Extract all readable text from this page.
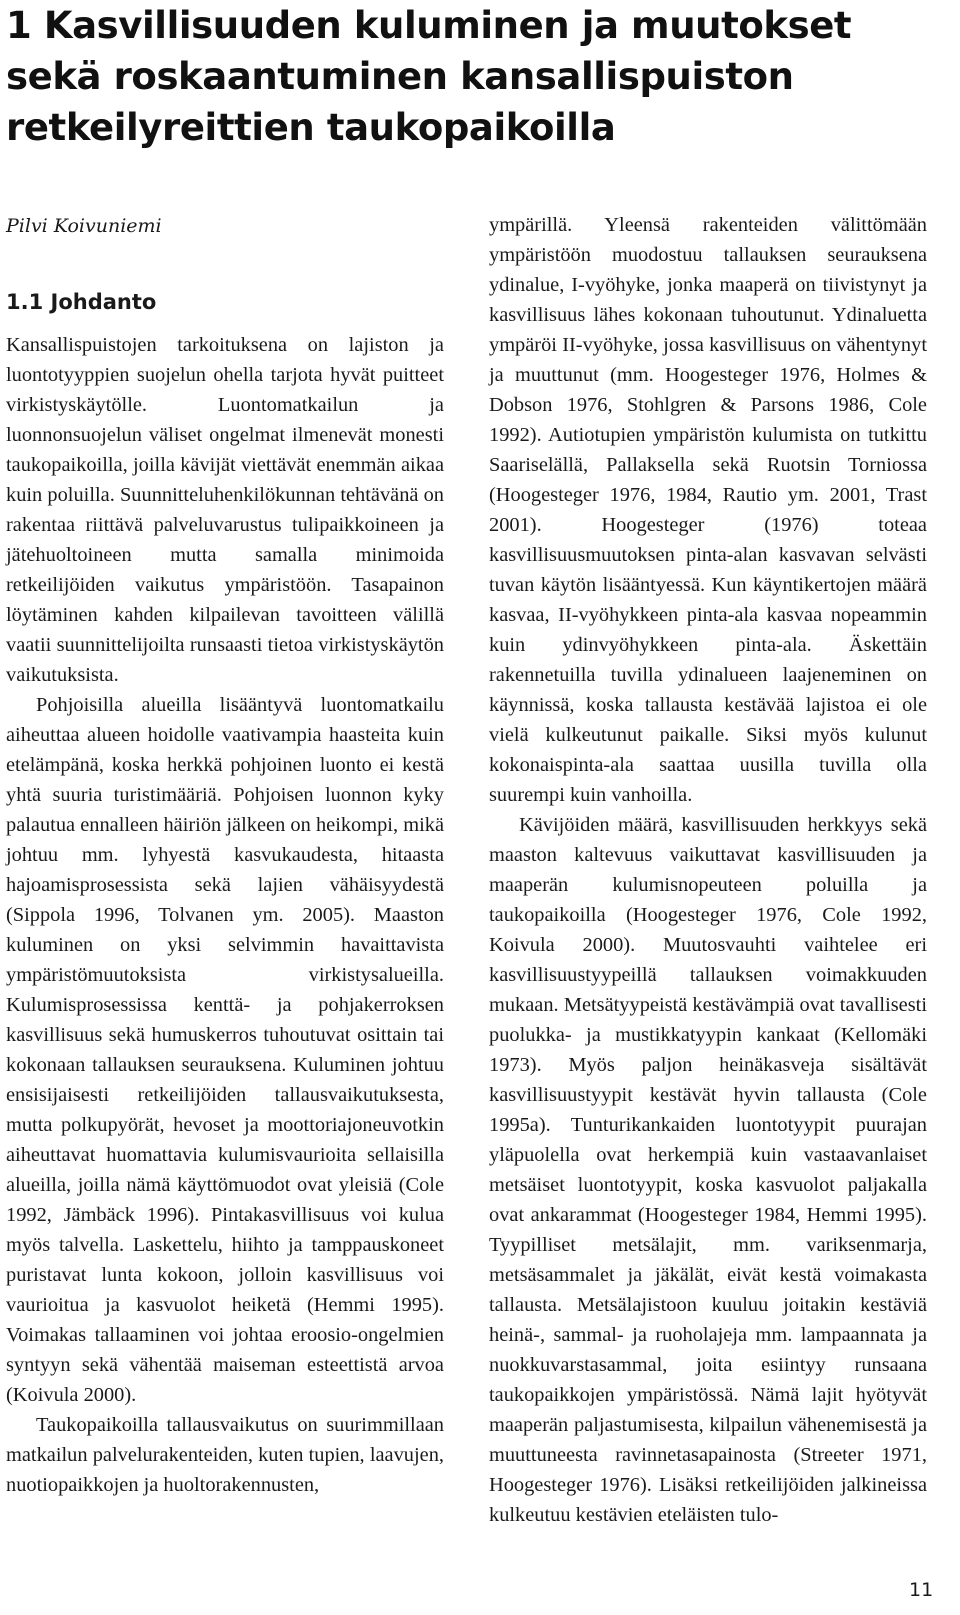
1 Kasvillisuuden kuluminen ja muutokset sekä roskaantuminen kansallispuiston retkeilyreittien taukopaikoilla

Pilvi Koivuniemi

1.1 Johdanto

Kansallispuistojen tarkoituksena on lajiston ja luontotyyppien suojelun ohella tarjota hyvät puitteet virkistyskäytölle. Luontomatkailun ja luonnonsuojelun väliset ongelmat ilmenevät monesti taukopaikoilla, joilla kävijät viettävät enemmän aikaa kuin poluilla. Suunnitteluhenkilökunnan tehtävänä on rakentaa riittävä palveluvarustus tulipaikkoineen ja jätehuoltoineen mutta samalla minimoida retkeilijöiden vaikutus ympäristöön. Tasapainon löytäminen kahden kilpailevan tavoitteen välillä vaatii suunnittelijoilta runsaasti tietoa virkistyskäytön vaikutuksista.

Pohjoisilla alueilla lisääntyvä luontomatkailu aiheuttaa alueen hoidolle vaativampia haasteita kuin etelämpänä, koska herkkä pohjoinen luonto ei kestä yhtä suuria turistimääriä. Pohjoisen luonnon kyky palautua ennalleen häiriön jälkeen on heikompi, mikä johtuu mm. lyhyestä kasvukaudesta, hitaasta hajoamisprosessista sekä lajien vähäisyydestä (Sippola 1996, Tolvanen ym. 2005). Maaston kuluminen on yksi selvimmin havaittavista ympäristömuutoksista virkistysalueilla. Kulumisprosessissa kenttä- ja pohjakerroksen kasvillisuus sekä humuskerros tuhoutuvat osittain tai kokonaan tallauksen seurauksena. Kuluminen johtuu ensisijaisesti retkeilijöiden tallausvaikutuksesta, mutta polkupyörät, hevoset ja moottoriajoneuvotkin aiheuttavat huomattavia kulumisvaurioita sellaisilla alueilla, joilla nämä käyttömuodot ovat yleisiä (Cole 1992, Jämbäck 1996). Pintakasvillisuus voi kulua myös talvella. Laskettelu, hiihto ja tamppauskoneet puristavat lunta kokoon, jolloin kasvillisuus voi vaurioitua ja kasvuolot heiketä (Hemmi 1995). Voimakas tallaaminen voi johtaa eroosio-ongelmien syntyyn sekä vähentää maiseman esteettistä arvoa (Koivula 2000).

Taukopaikoilla tallausvaikutus on suurimmillaan matkailun palvelurakenteiden, kuten tupien, laavujen, nuotiopaikkojen ja huoltorakennusten,

ympärillä. Yleensä rakenteiden välittömään ympäristöön muodostuu tallauksen seurauksena ydinalue, I-vyöhyke, jonka maaperä on tiivistynyt ja kasvillisuus lähes kokonaan tuhoutunut. Ydinaluetta ympäröi II-vyöhyke, jossa kasvillisuus on vähentynyt ja muuttunut (mm. Hoogesteger 1976, Holmes & Dobson 1976, Stohlgren & Parsons 1986, Cole 1992). Autiotupien ympäristön kulumista on tutkittu Saariselällä, Pallaksella sekä Ruotsin Torniossa (Hoogesteger 1976, 1984, Rautio ym. 2001, Trast 2001). Hoogesteger (1976) toteaa kasvillisuusmuutoksen pinta-alan kasvavan selvästi tuvan käytön lisääntyessä. Kun käyntikertojen määrä kasvaa, II-vyöhykkeen pinta-ala kasvaa nopeammin kuin ydinvyöhykkeen pinta-ala. Äskettäin rakennetuilla tuvilla ydinalueen laajeneminen on käynnissä, koska tallausta kestävää lajistoa ei ole vielä kulkeutunut paikalle. Siksi myös kulunut kokonaispinta-ala saattaa uusilla tuvilla olla suurempi kuin vanhoilla.

Kävijöiden määrä, kasvillisuuden herkkyys sekä maaston kaltevuus vaikuttavat kasvillisuuden ja maaperän kulumisnopeuteen poluilla ja taukopaikoilla (Hoogesteger 1976, Cole 1992, Koivula 2000). Muutosvauhti vaihtelee eri kasvillisuustyypeillä tallauksen voimakkuuden mukaan. Metsätyypeistä kestävämpiä ovat tavallisesti puolukka- ja mustikkatyypin kankaat (Kellomäki 1973). Myös paljon heinäkasveja sisältävät kasvillisuustyypit kestävät hyvin tallausta (Cole 1995a). Tunturikankaiden luontotyypit puurajan yläpuolella ovat herkempiä kuin vastaavanlaiset metsäiset luontotyypit, koska kasvuolot paljakalla ovat ankarammat (Hoogesteger 1984, Hemmi 1995). Tyypilliset metsälajit, mm. variksenmarja, metsäsammalet ja jäkälät, eivät kestä voimakasta tallausta. Metsälajistoon kuuluu joitakin kestäviä heinä-, sammal- ja ruoholajeja mm. lampaannata ja nuokkuvarstasammal, joita esiintyy runsaana taukopaikkojen ympäristössä. Nämä lajit hyötyvät maaperän paljastumisesta, kilpailun vähenemisestä ja muuttuneesta ravinnetasapainosta (Streeter 1971, Hoogesteger 1976). Lisäksi retkeilijöiden jalkineissa kulkeutuu kestävien eteläisten tulo-

11
